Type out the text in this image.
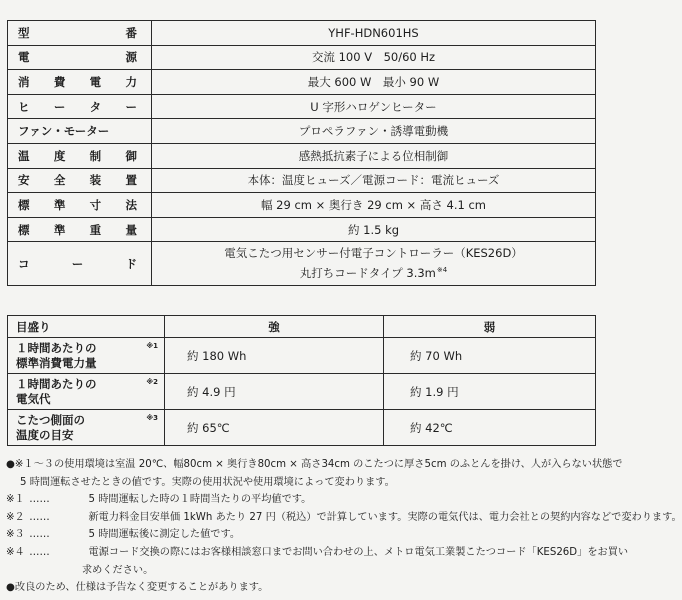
型 番	YHF-HDN601HS

電 源	交流 100 V　50/60 Hz

消 費 電 力	最大 600 W　最小 90 W

ヒ ー タ ー	U 字形ハロゲンヒーター
ファン・モーター	プロペラファン・誘導電動機

温 度 制 御	感熱抵抗素子による位相制御

安 全 装 置	本体：温度ヒューズ／電源コード：電流ヒューズ

標 準 寸 法	幅 29 cm × 奥行き 29 cm × 高さ 4.1 cm

標 準 重 量	約 1.5 kg

コ ー ド	電気こたつ用センサー付電子コントローラー（KES26D）
丸打ちコードタイプ 3.3m$^{※4}$
目盛り	強	弱

１時間あたりの
標準消費電力量
※1	約 180 Wh	約 70 Wh

１時間あたりの
電気代
※2	約 4.9 円	約 1.9 円

こたつ側面の
温度の目安
※3	約 65℃	約 42℃
●※１～３の使用環境は室温 20℃、幅80cm × 奥行き80cm × 高さ34cm のこたつに厚さ5cm のふとんを掛け、人が入らない状態で
5 時間運転させたときの値です。実際の使用状況や使用環境によって変わります。
※１ ……	5 時間運転した時の１時間当たりの平均値です。
※２ ……	新電力料金目安単価 1kWh あたり 27 円（税込）で計算しています。実際の電気代は、電力会社との契約内容などで変わります。
※３ ……	5 時間運転後に測定した値です。
※４ ……	電源コード交換の際にはお客様相談窓口までお問い合わせの上、メトロ電気工業製こたつコード「KES26D」をお買い
求めください。
●改良のため、仕様は予告なく変更することがあります。
